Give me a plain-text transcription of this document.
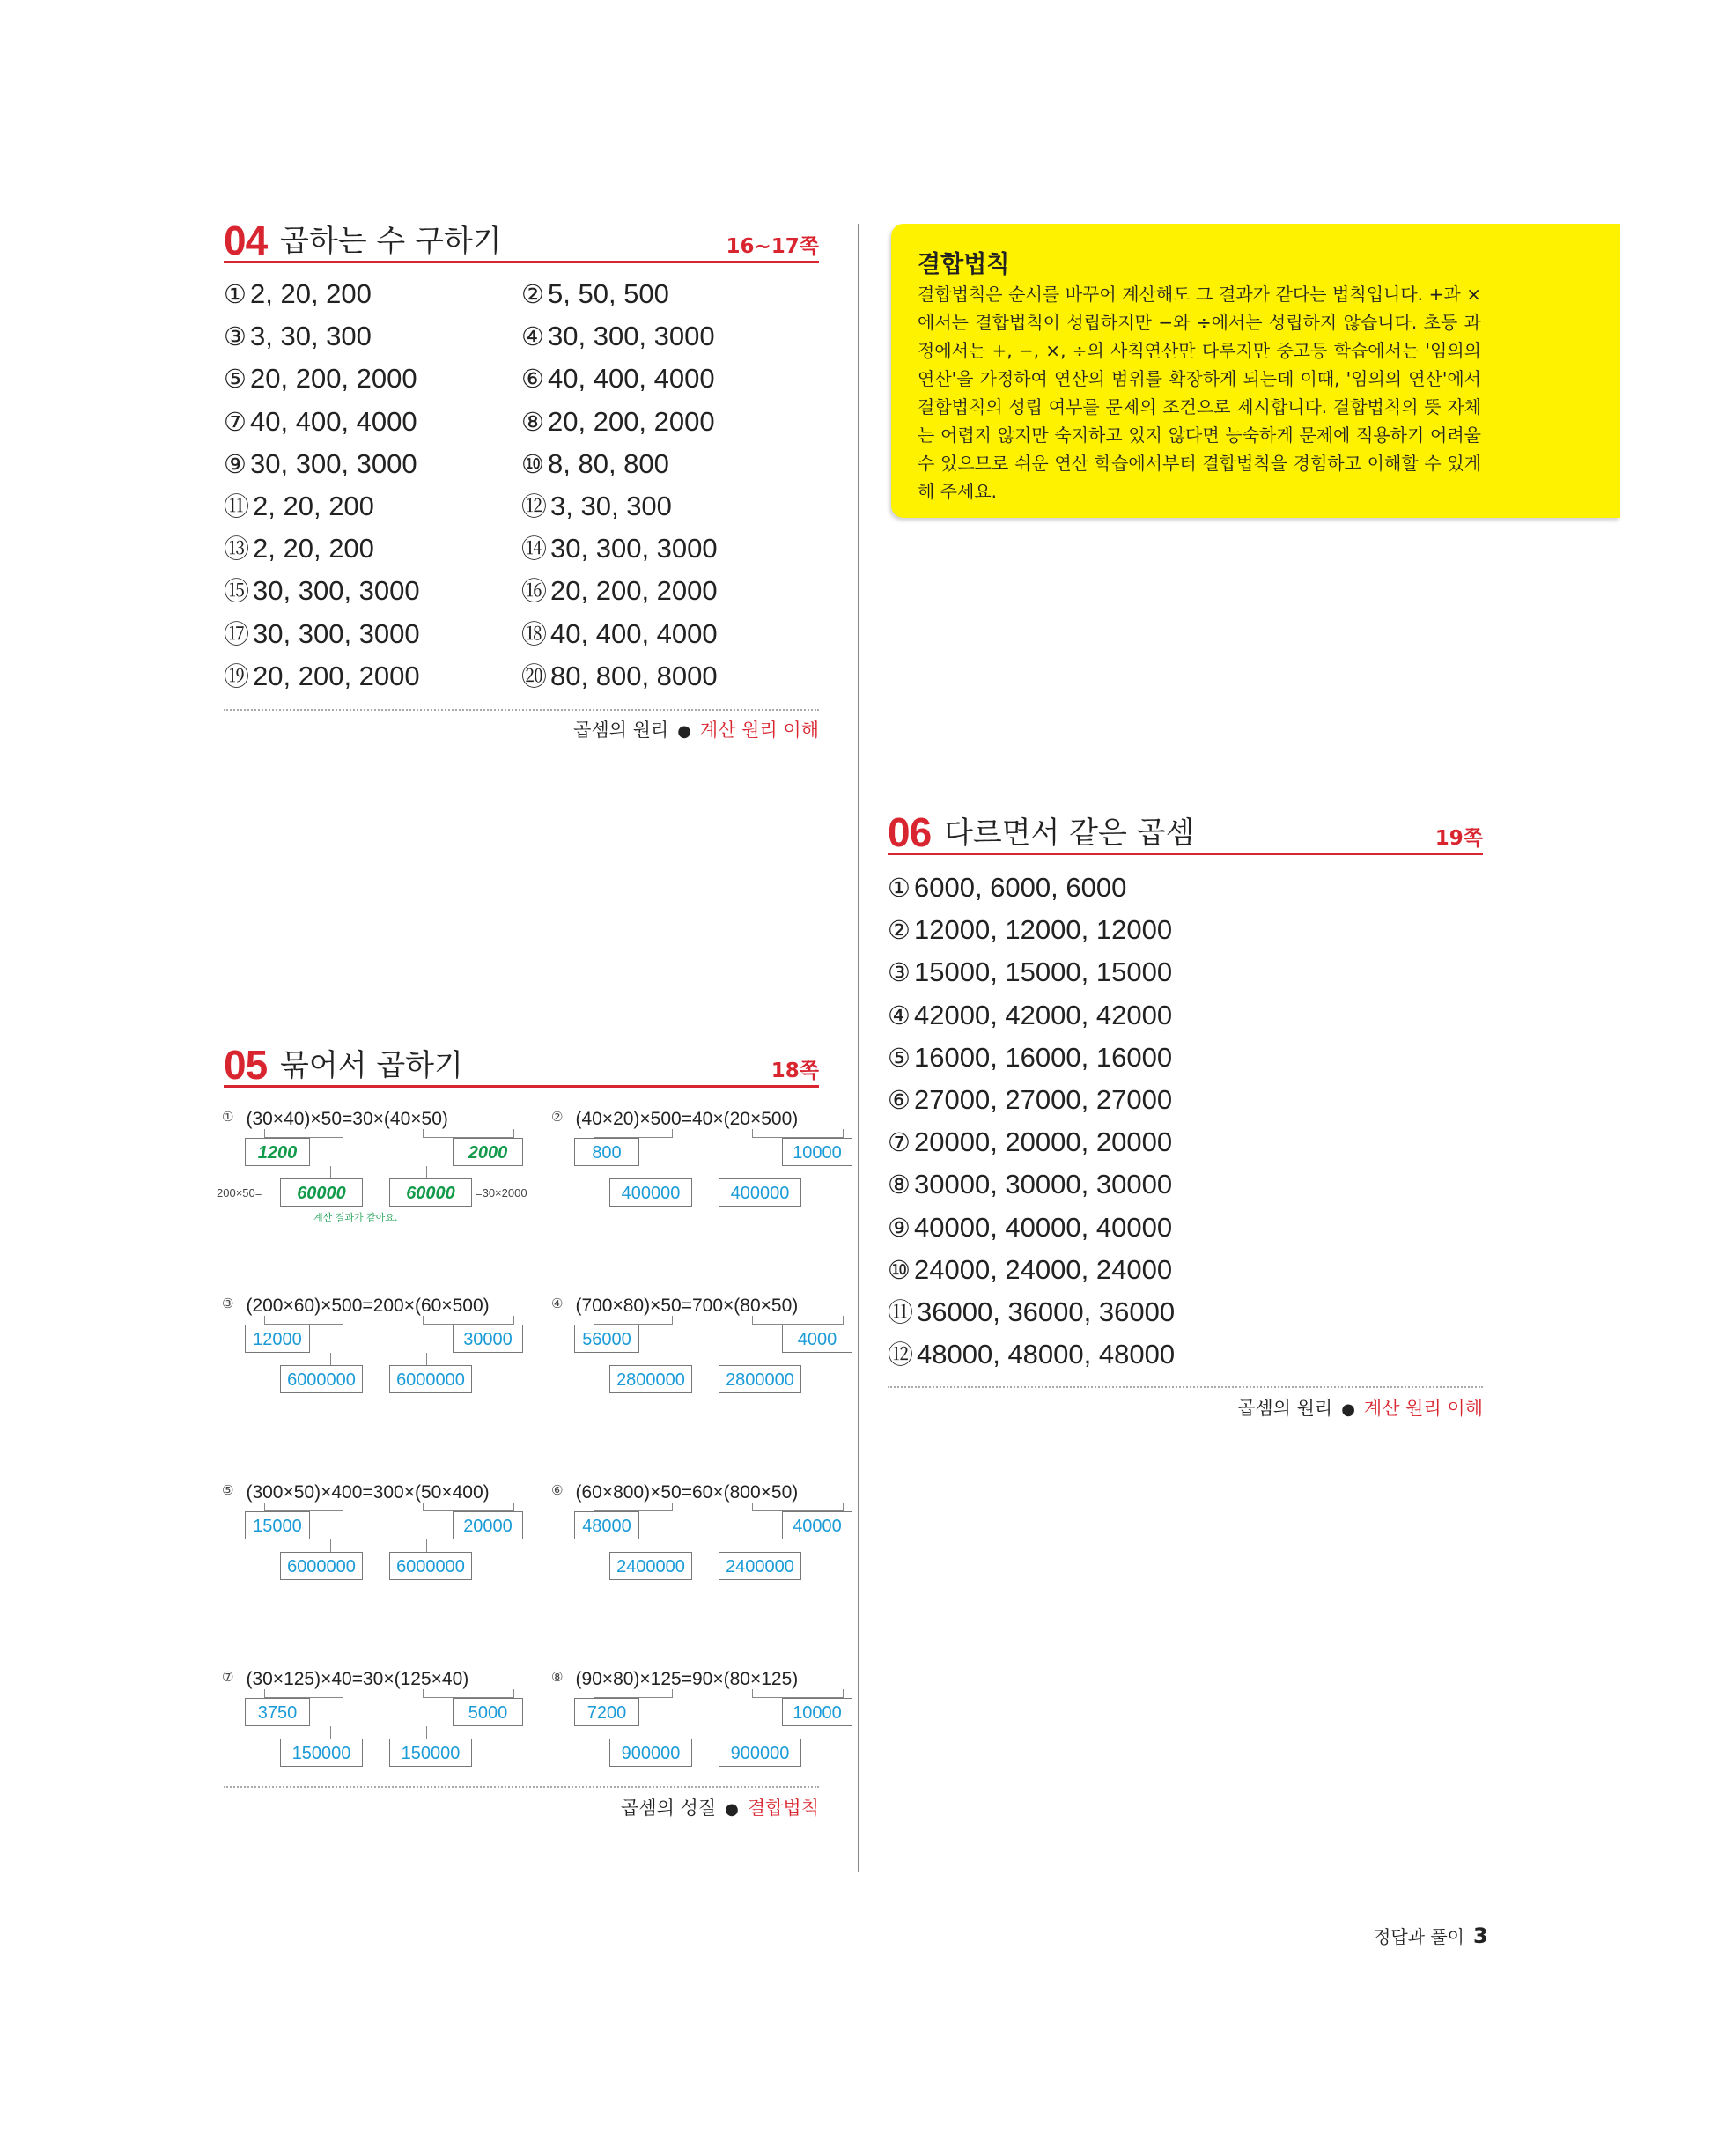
04 곱하는 수 구하기	16~17쪽
① 2, 20, 200	② 5, 50, 500
③ 3, 30, 300	④ 30, 300, 3000
⑤ 20, 200, 2000	⑥ 40, 400, 4000
⑦ 40, 400, 4000	⑧ 20, 200, 2000
⑨ 30, 300, 3000	⑩ 8, 80, 800
⑪ 2, 20, 200	⑫ 3, 30, 300
⑬ 2, 20, 200	⑭ 30, 300, 3000
⑮ 30, 300, 3000	⑯ 20, 200, 2000
⑰ 30, 300, 3000	⑱ 40, 400, 4000
⑲ 20, 200, 2000	⑳ 80, 800, 8000
곱셈의 원리 ● 계산 원리 이해
결합법칙
결합법칙은 순서를 바꾸어 계산해도 그 결과가 같다는 법칙입니다. +과 ×에서는 결합법칙이 성립하지만 −와 ÷에서는 성립하지 않습니다. 초등 과정에서는 +, −, ×, ÷의 사칙연산만 다루지만 중고등 학습에서는 '임의의 연산'을 가정하여 연산의 범위를 확장하게 되는데 이때, '임의의 연산'에서 결합법칙의 성립 여부를 문제의 조건으로 제시합니다. 결합법칙의 뜻 자체는 어렵지 않지만 숙지하고 있지 않다면 능숙하게 문제에 적용하기 어려울 수 있으므로 쉬운 연산 학습에서부터 결합법칙을 경험하고 이해할 수 있게 해 주세요.
06 다르면서 같은 곱셈	19쪽
① 6000, 6000, 6000
② 12000, 12000, 12000
③ 15000, 15000, 15000
④ 42000, 42000, 42000
⑤ 16000, 16000, 16000
⑥ 27000, 27000, 27000
⑦ 20000, 20000, 20000
⑧ 30000, 30000, 30000
⑨ 40000, 40000, 40000
⑩ 24000, 24000, 24000
⑪ 36000, 36000, 36000
⑫ 48000, 48000, 48000
곱셈의 원리 ● 계산 원리 이해
05 묶어서 곱하기	18쪽
① (30×40)×50=30×(40×50)
1200	2000
60000	60000
200×50=	=30×2000
계산 결과가 같아요.
② (40×20)×500=40×(20×500)
800	10000
400000	400000
③ (200×60)×500=200×(60×500)
12000	30000
6000000	6000000
④ (700×80)×50=700×(80×50)
56000	4000
2800000	2800000
⑤ (300×50)×400=300×(50×400)
15000	20000
6000000	6000000
⑥ (60×800)×50=60×(800×50)
48000	40000
2400000	2400000
⑦ (30×125)×40=30×(125×40)
3750	5000
150000	150000
⑧ (90×80)×125=90×(80×125)
7200	10000
900000	900000
곱셈의 성질 ● 결합법칙
정답과 풀이 3
